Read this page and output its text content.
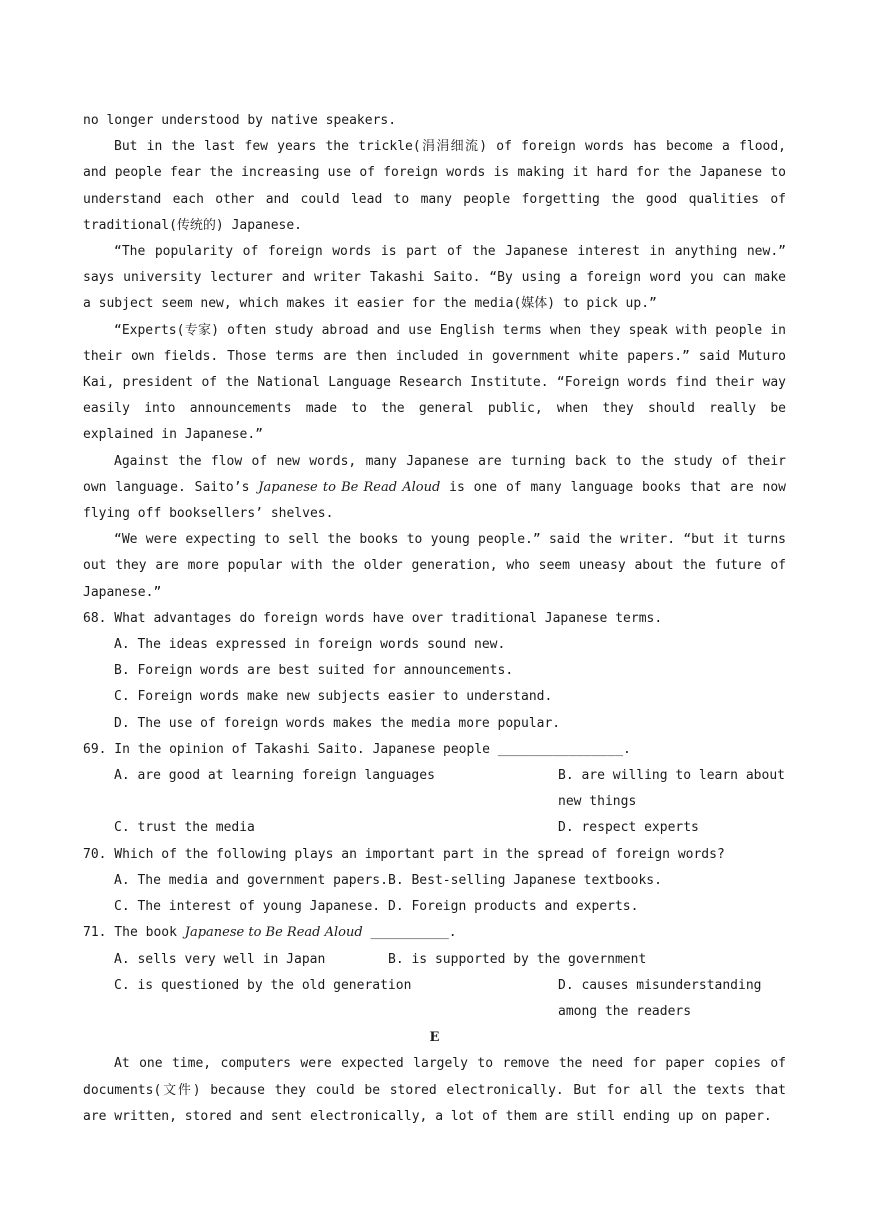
no longer understood by native speakers.

But in the last few years the trickle(涓涓细流) of foreign words has become a flood, and people fear the increasing use of foreign words is making it hard for the Japanese to understand each other and could lead to many people forgetting the good qualities of traditional(传统的) Japanese.

“The popularity of foreign words is part of the Japanese interest in anything new.” says university lecturer and writer Takashi Saito. “By using a foreign word you can make a subject seem new, which makes it easier for the media(媒体) to pick up.”

“Experts(专家) often study abroad and use English terms when they speak with people in their own fields. Those terms are then included in government white papers.” said Muturo Kai, president of the National Language Research Institute. “Foreign words find their way easily into announcements made to the general public, when they should really be explained in Japanese.”

Against the flow of new words, many Japanese are turning back to the study of their own language. Saito’s Japanese to Be Read Aloud is one of many language books that are now flying off booksellers’ shelves.

“We were expecting to sell the books to young people.” said the writer. “but it turns out they are more popular with the older generation, who seem uneasy about the future of Japanese.”

68. What advantages do foreign words have over traditional Japanese terms.

A. The ideas expressed in foreign words sound new.

B. Foreign words are best suited for announcements.

C. Foreign words make new subjects easier to understand.

D. The use of foreign words makes the media more popular.

69. In the opinion of Takashi Saito. Japanese people ________________.

A. are good at learning foreign languages	B. are willing to learn about new things
C. trust the media	D. respect experts

70. Which of the following plays an important part in the spread of foreign words?

A. The media and government papers. B. Best-selling Japanese textbooks.
C. The interest of young Japanese. D. Foreign products and experts.

71. The book Japanese to Be Read Aloud __________.

A. sells very well in Japan	B. is supported by the government
C. is questioned by the old generation	D. causes misunderstanding among the readers

E

At one time, computers were expected largely to remove the need for paper copies of documents(文件) because they could be stored electronically. But for all the texts that are written, stored and sent electronically, a lot of them are still ending up on paper.
